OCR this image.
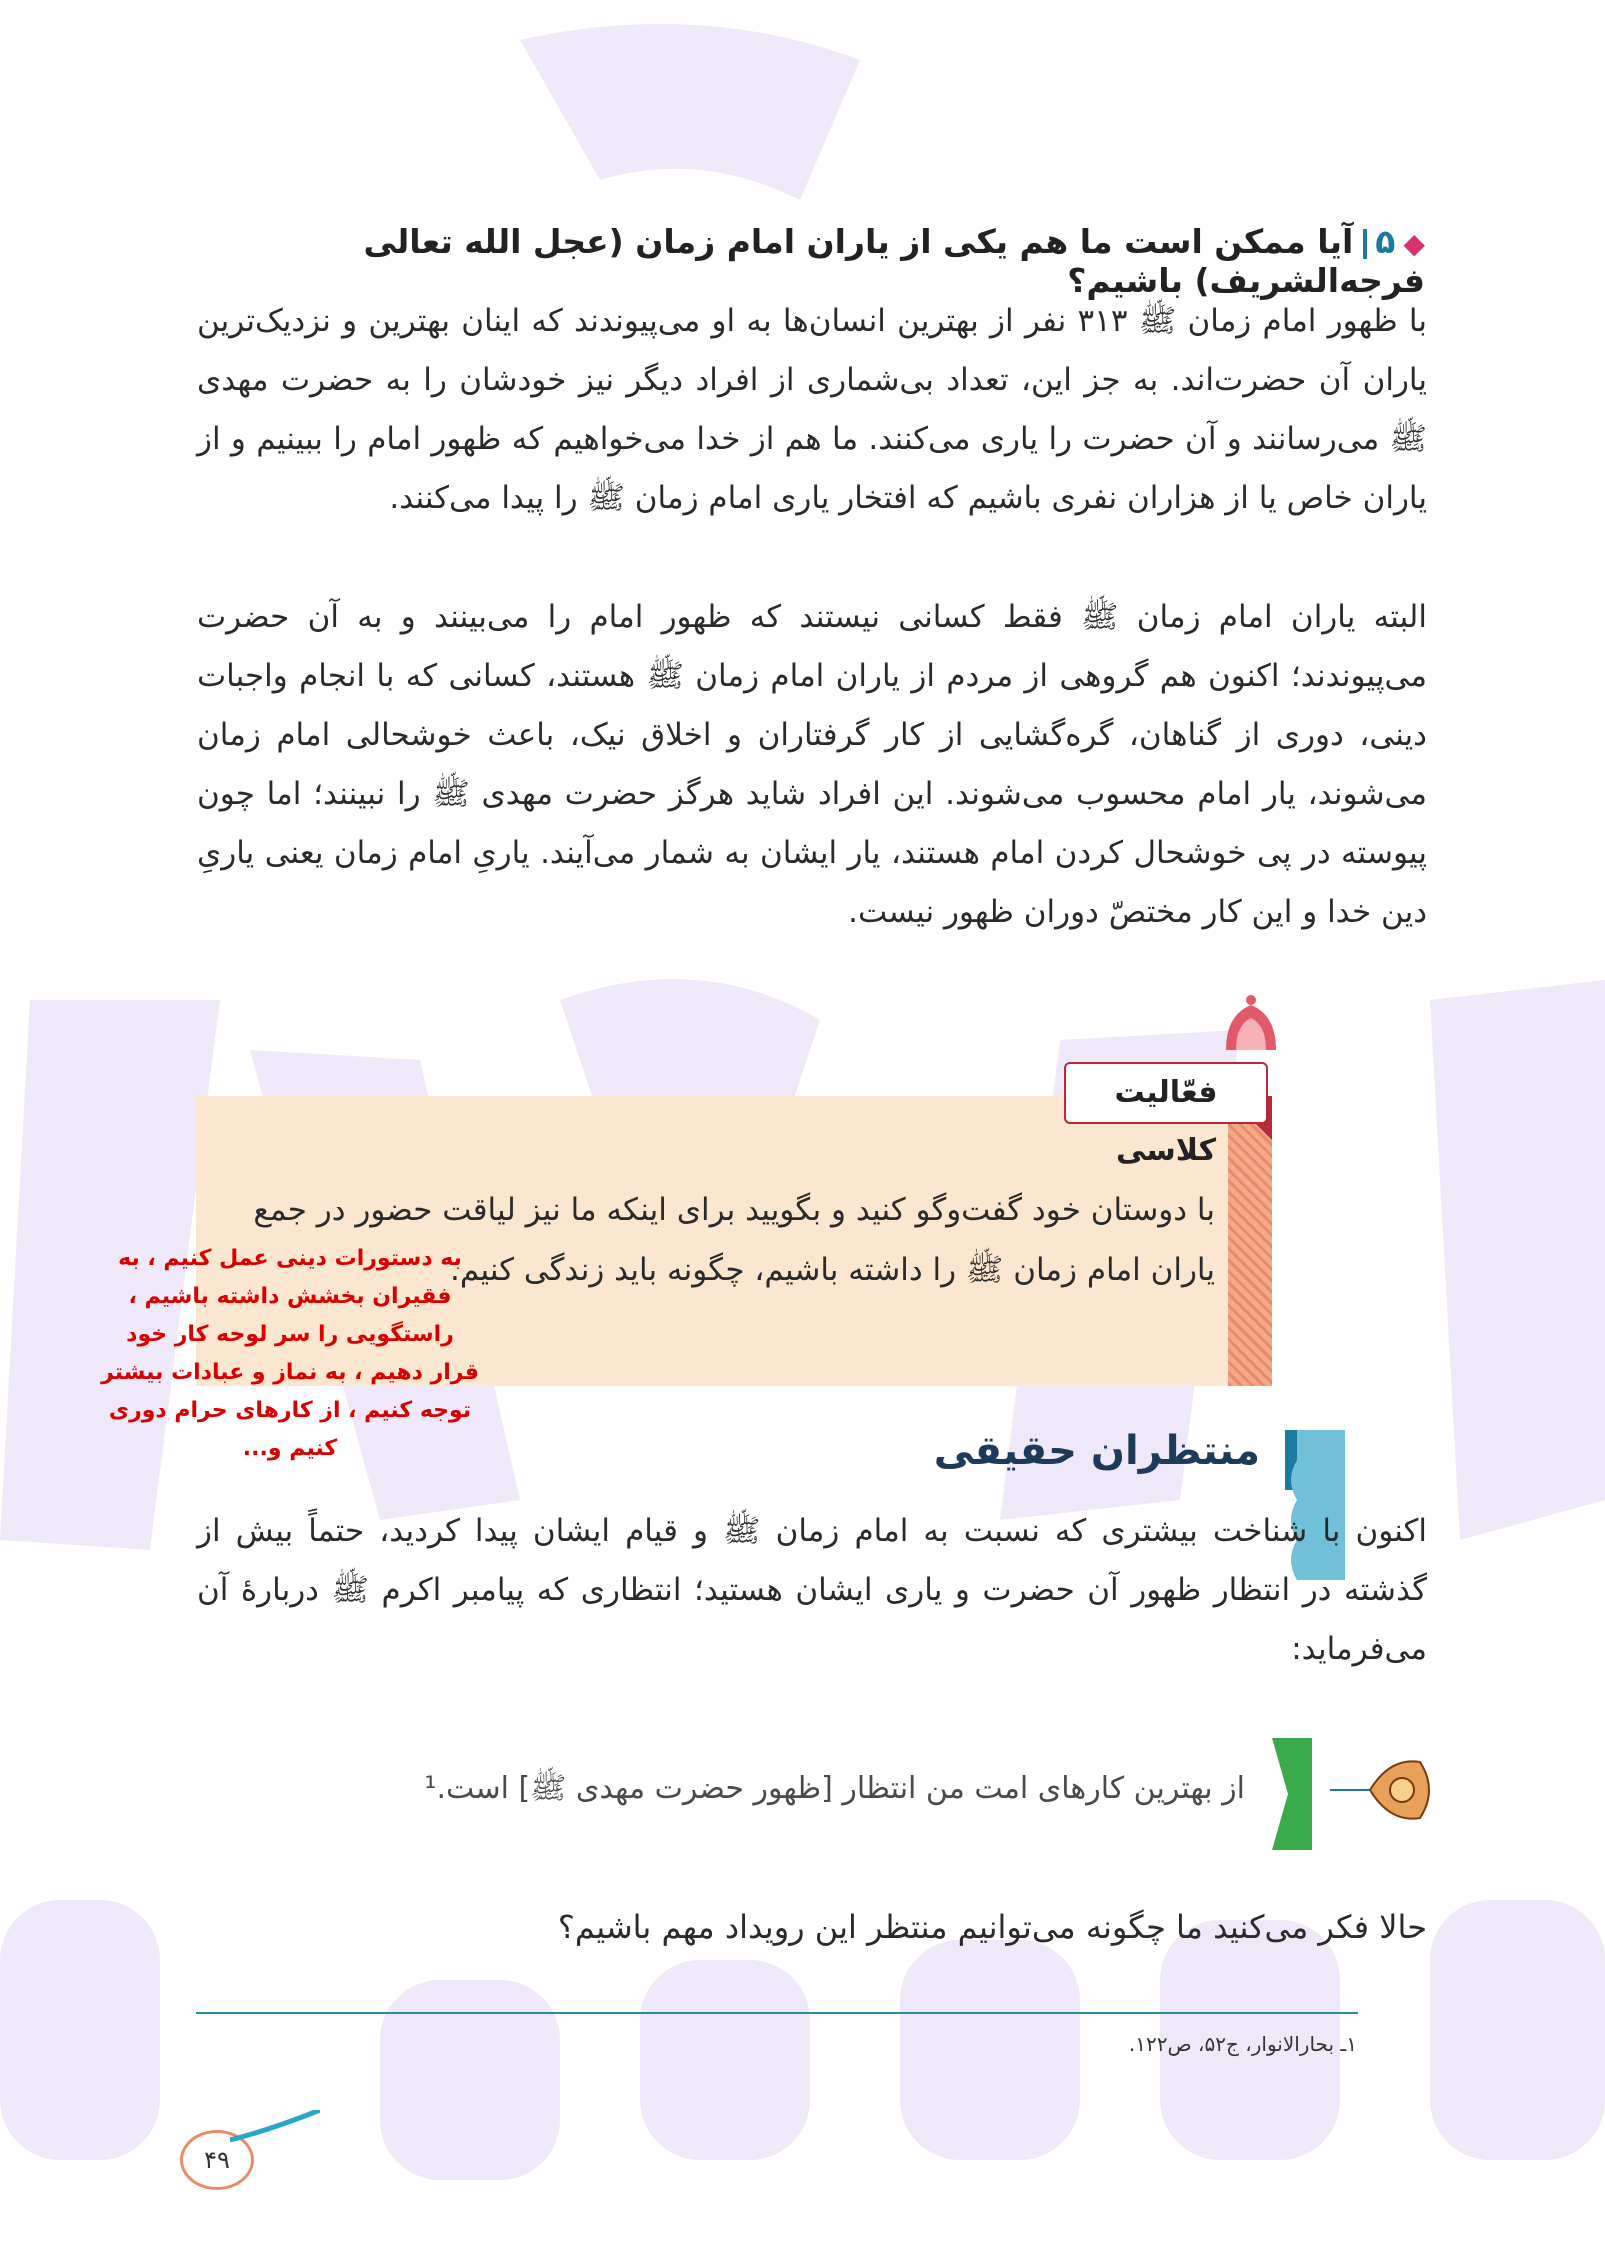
◆۵آیا ممکن است ما هم یکی از یاران امام زمان (عجل الله تعالی فرجه‌الشریف) باشیم؟
با ظهور امام زمان ﷺ ۳۱۳ نفر از بهترین انسان‌ها به او می‌پیوندند که اینان بهترین و نزدیک‌ترین یاران آن حضرت‌اند. به جز این، تعداد بی‌شماری از افراد دیگر نیز خودشان را به حضرت مهدی ﷺ می‌رسانند و آن حضرت را یاری می‌کنند. ما هم از خدا می‌خواهیم که ظهور امام را ببینیم و از یاران خاص یا از هزاران نفری باشیم که افتخار یاری امام زمان ﷺ را پیدا می‌کنند.
البته یاران امام زمان ﷺ فقط کسانی نیستند که ظهور امام را می‌بینند و به آن حضرت می‌پیوندند؛ اکنون هم گروهی از مردم از یاران امام زمان ﷺ هستند، کسانی که با انجام واجبات دینی، دوری از گناهان، گره‌گشایی از کار گرفتاران و اخلاق نیک، باعث خوشحالی امام زمان می‌شوند، یار امام محسوب می‌شوند. این افراد شاید هرگز حضرت مهدی ﷺ را نبینند؛ اما چون پیوسته در پی خوشحال کردن امام هستند، یار ایشان به شمار می‌آیند. یاریِ امام زمان یعنی یاریِ دین خدا و این کار مختصّ دوران ظهور نیست.
فعّالیت کلاسی
با دوستان خود گفت‌وگو کنید و بگویید برای اینکه ما نیز لیاقت حضور در جمع یاران امام زمان ﷺ را داشته باشیم، چگونه باید زندگی کنیم.
به دستورات دینی عمل کنیم ، به فقیران بخشش داشته باشیم ، راستگویی را سر لوحه کار خود قرار دهیم ، به نماز و عبادات بیشتر توجه کنیم ، از کارهای حرام دوری کنیم و...	منتظران حقیقی
اکنون با شناخت بیشتری که نسبت به امام زمان ﷺ و قیام ایشان پیدا کردید، حتماً بیش از گذشته در انتظار ظهور آن حضرت و یاری ایشان هستید؛ انتظاری که پیامبر اکرم ﷺ دربارهٔ آن می‌فرماید:
از بهترین کارهای امت من انتظار [ظهور حضرت مهدی ﷺ] است.¹
حالا فکر می‌کنید ما چگونه می‌توانیم منتظر این رویداد مهم باشیم؟
۱ـ بحارالانوار، ج۵۲، ص۱۲۲.
۴۹
